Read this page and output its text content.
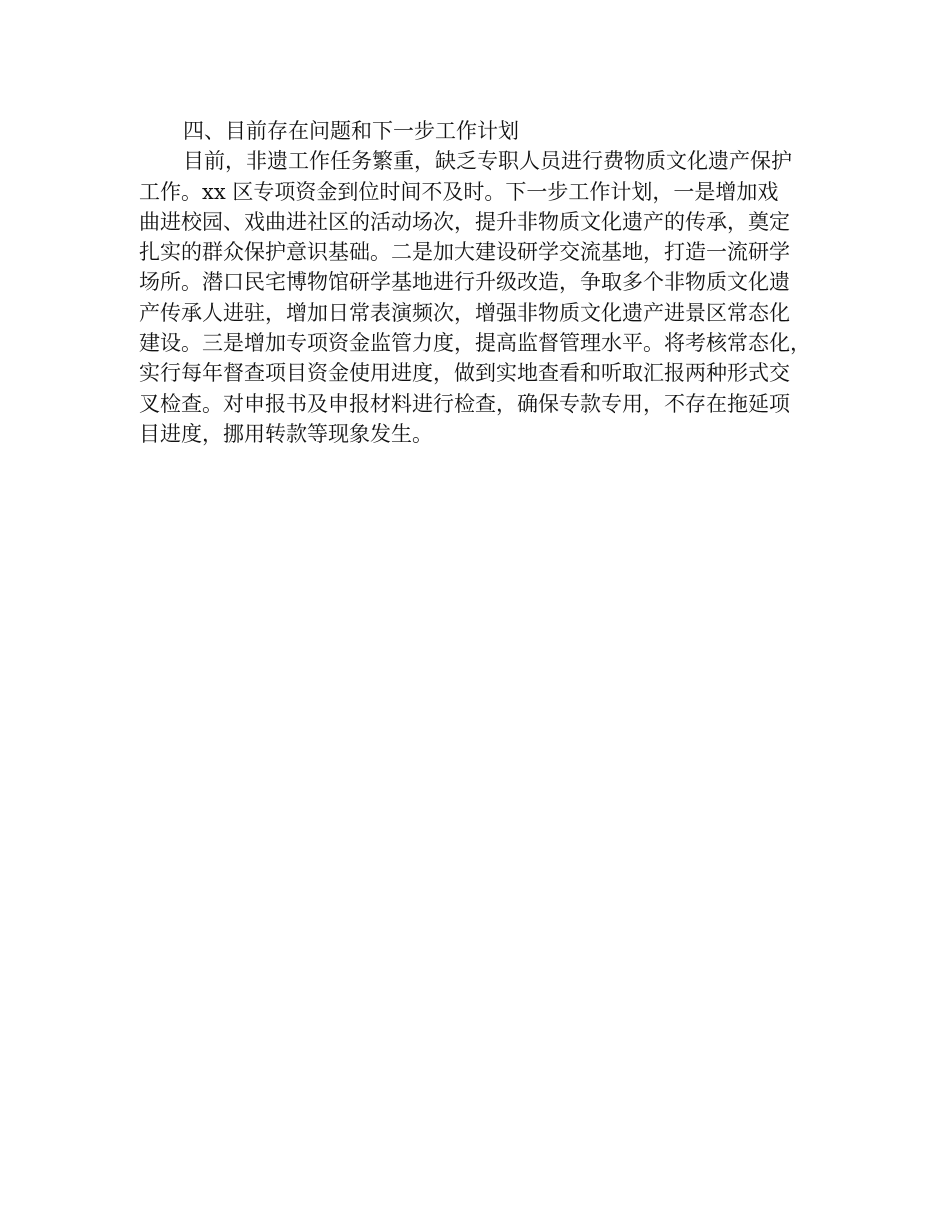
四、目前存在问题和下一步工作计划
目前，非遗工作任务繁重，缺乏专职人员进行费物质文化遗产保护
工作。xx 区专项资金到位时间不及时。下一步工作计划，一是增加戏
曲进校园、戏曲进社区的活动场次，提升非物质文化遗产的传承，奠定
扎实的群众保护意识基础。二是加大建设研学交流基地，打造一流研学
场所。潜口民宅博物馆研学基地进行升级改造，争取多个非物质文化遗
产传承人进驻，增加日常表演频次，增强非物质文化遗产进景区常态化
建设。三是增加专项资金监管力度，提高监督管理水平。将考核常态化，
实行每年督查项目资金使用进度，做到实地查看和听取汇报两种形式交
叉检查。对申报书及申报材料进行检查，确保专款专用，不存在拖延项
目进度，挪用转款等现象发生。
